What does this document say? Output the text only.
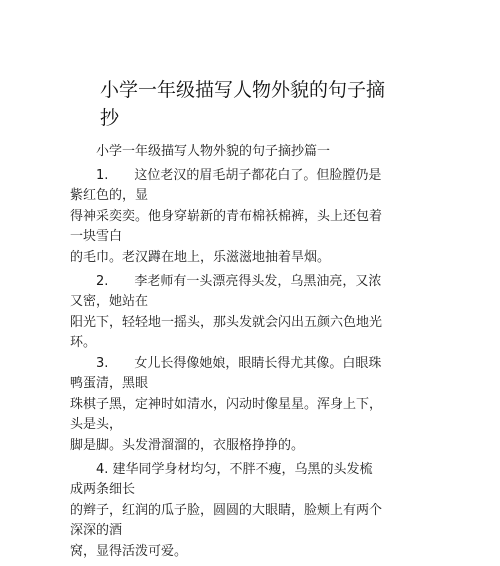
小学一年级描写人物外貌的句子摘抄
小学一年级描写人物外貌的句子摘抄篇一

1.　　这位老汉的眉毛胡子都花白了。但脸膛仍是紫红色的，显

得神采奕奕。他身穿崭新的青布棉袄棉裤，头上还包着一块雪白

的毛巾。老汉蹲在地上，乐滋滋地抽着旱烟。

2.　　李老师有一头漂亮得头发，乌黑油亮，又浓又密，她站在

阳光下，轻轻地一摇头，那头发就会闪出五颜六色地光环。

3.　　女儿长得像她娘，眼睛长得尤其像。白眼珠鸭蛋清，黑眼

珠棋子黑，定神时如清水，闪动时像星星。浑身上下，头是头，

脚是脚。头发滑溜溜的，衣服格挣挣的。

4. 建华同学身材均匀，不胖不瘦，乌黑的头发梳成两条细长

的辫子，红润的瓜子脸，圆圆的大眼睛，脸颊上有两个深深的酒

窝，显得活泼可爱。
